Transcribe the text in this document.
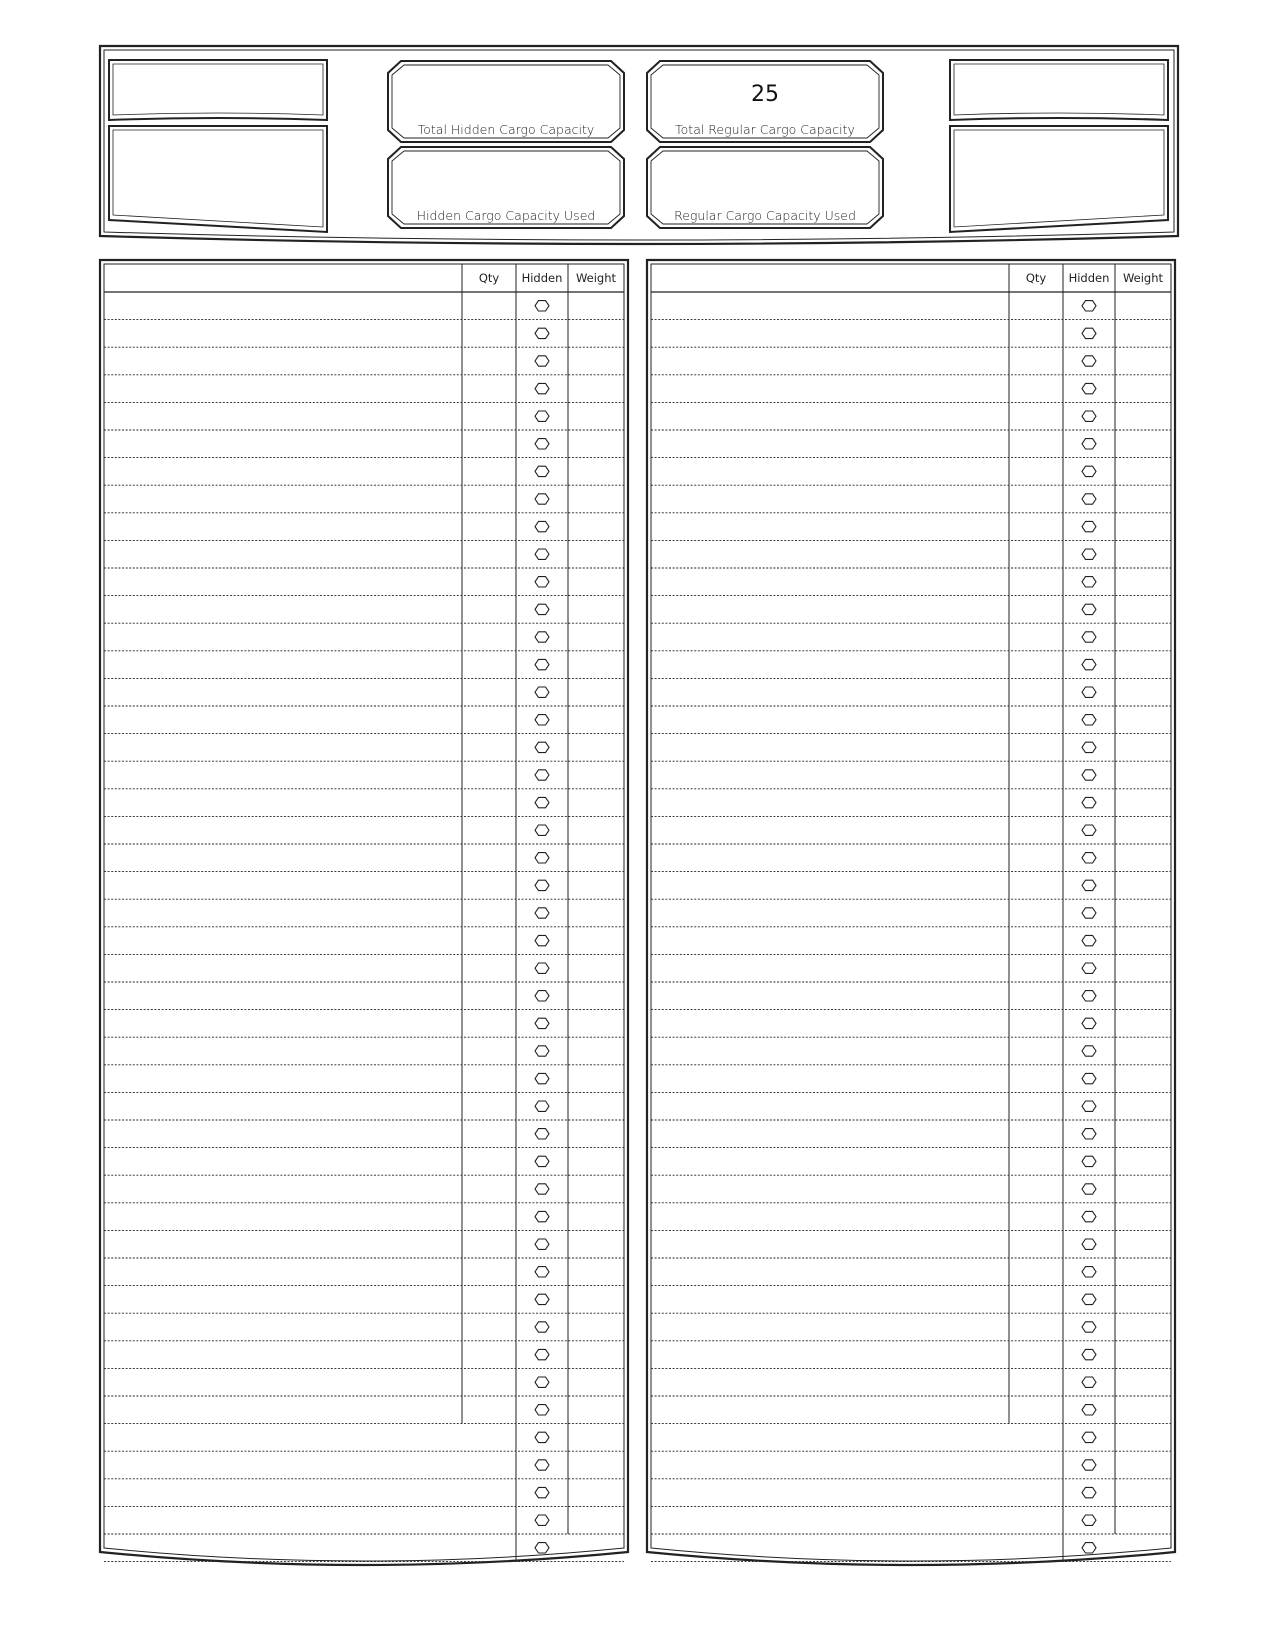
Total Hidden Cargo Capacity
25
Total Regular Cargo Capacity
Hidden Cargo Capacity Used	Regular Cargo Capacity Used
Qty	Hidden	Weight	Qty	Hidden	Weight
